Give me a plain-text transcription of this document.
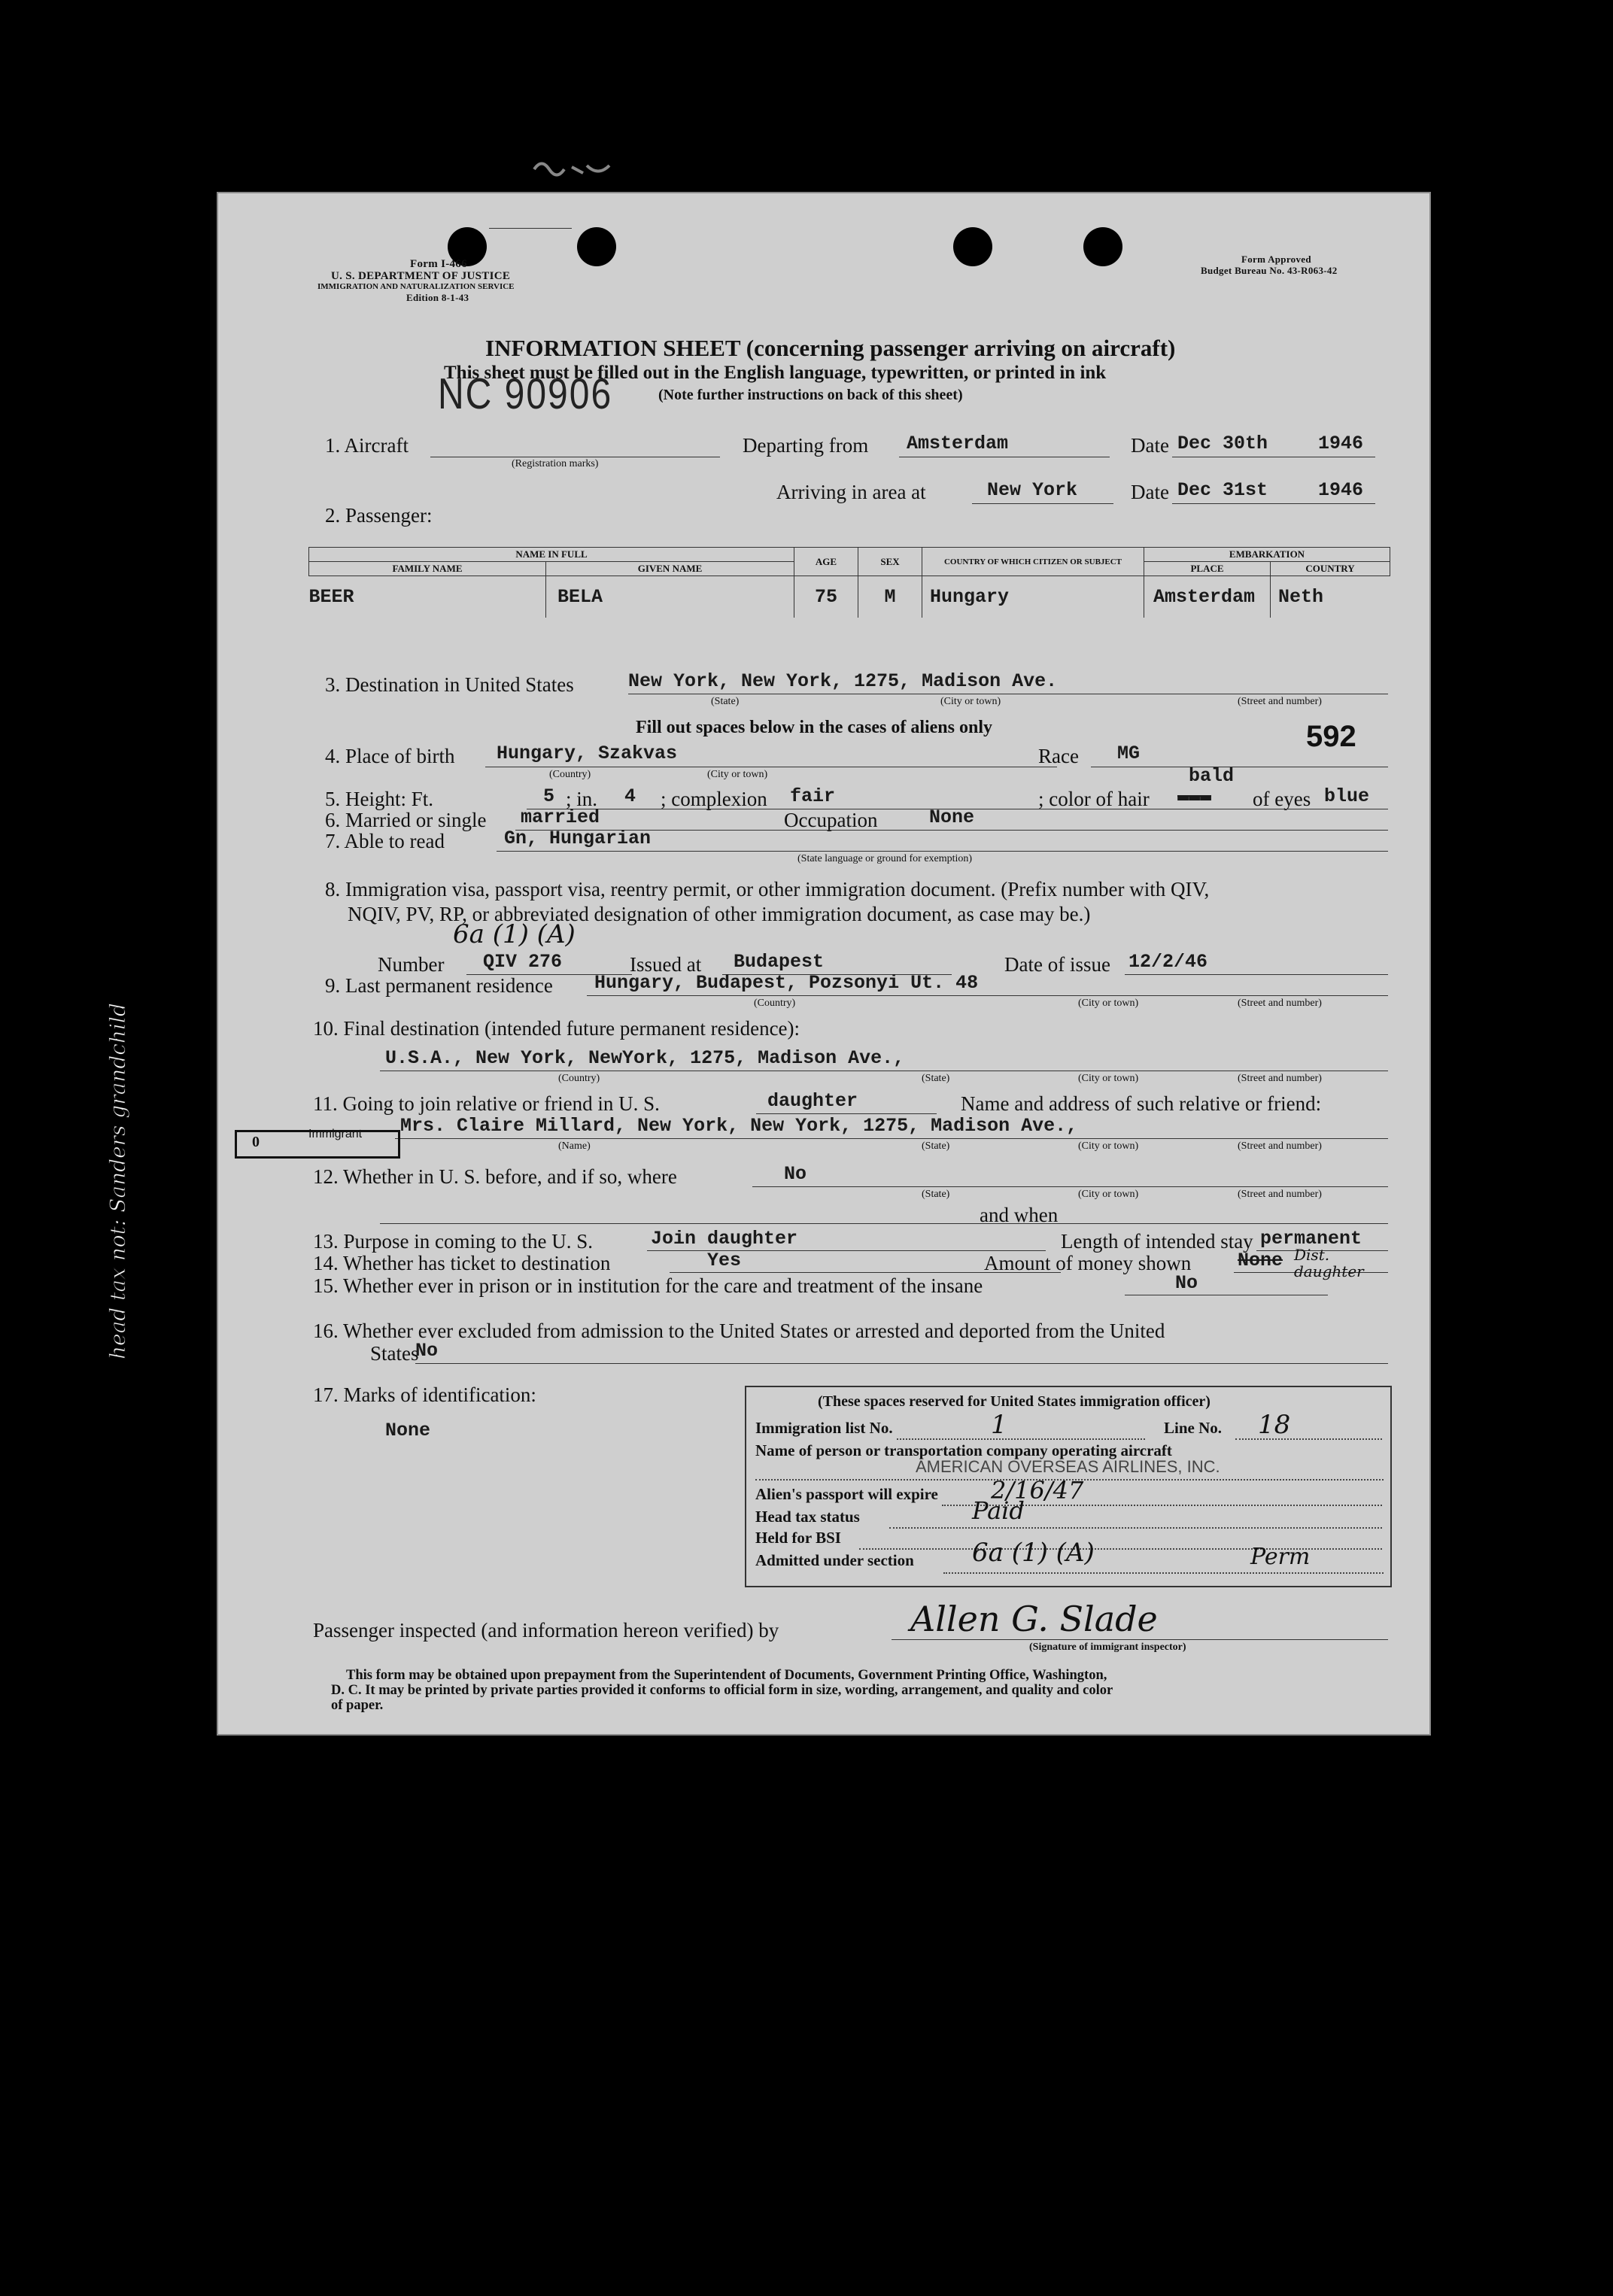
Form I-466
U. S. DEPARTMENT OF JUSTICE
IMMIGRATION AND NATURALIZATION SERVICE
Edition 8-1-43
Form Approved
Budget Bureau No. 43-R063-42
INFORMATION SHEET (concerning passenger arriving on aircraft)
This sheet must be filled out in the English language, typewritten, or printed in ink
(Note further instructions on back of this sheet)
NC 90906
1. Aircraft
(Registration marks)
Departing from Amsterdam	Date Dec 30th	1946
Arriving in area at	New York	Date Dec 31st	1946
2. Passenger:
NAME IN FULL		AGE	SEX	COUNTRY OF WHICH CITIZEN OR SUBJECT	EMBARKATION	
FAMILY NAME	GIVEN NAME				PLACE	COUNTRY
BEER	BELA	75	M	Hungary	Amsterdam	Neth
3. Destination in United States	New York, New York, 1275, Madison Ave.
(State)	(City or town)	(Street and number)
Fill out spaces below in the cases of aliens only	592
4. Place of birth Hungary, Szakvas
(Country)	(City or town)
Race MG
bald
5. Height: Ft.	5 ; in. 4 ; complexion fair	; color of hair ▬▬▬ of eyes blue
6. Married or single married	Occupation	None
7. Able to read	Gn, Hungarian
(State language or ground for exemption)
8. Immigration visa, passport visa, reentry permit, or other immigration document. (Prefix number with QIV,
NQIV, PV, RP, or abbreviated designation of other immigration document, as case may be.)
6a (1) (A)
Number QIV 276	Issued at Budapest	Date of issue 12/2/46
9. Last permanent residence Hungary, Budapest, Pozsonyi Ut. 48
(Country)	(City or town)	(Street and number)
10. Final destination (intended future permanent residence):
U.S.A., New York, NewYork, 1275, Madison Ave.,
(Country)	(State)	(City or town)	(Street and number)
11. Going to join relative or friend in U. S.	daughter	Name and address of such relative or friend:
Mrs. Claire Millard, New York, New York, 1275, Madison Ave.,
(Name)	(State)	(City or town)	(Street and number)
12. Whether in U. S. before, and if so, where	No
(State)	(City or town)	(Street and number)
and when
13. Purpose in coming to the U. S.	Join daughter	Length of intended stay permanent
14. Whether has ticket to destination	Yes	Amount of money shown None Dist. daughter
15. Whether ever in prison or in institution for the care and treatment of the insane	No
16. Whether ever excluded from admission to the United States or arrested and deported from the United
States
No
17. Marks of identification:
None
(These spaces reserved for United States immigration officer)
Immigration list No.	1	Line No. 18
Name of person or transportation company operating aircraft
AMERICAN OVERSEAS AIRLINES, INC.
Alien's passport will expire 2/16/47
Head tax status	Paid
Held for BSI
Admitted under section 6a (1) (A)	Perm
Passenger inspected (and information hereon verified) by	Allen G. Slade
(Signature of immigrant inspector)
This form may be obtained upon prepayment from the Superintendent of Documents, Government Printing Office, Washington,
D. C. It may be printed by private parties provided it conforms to official form in size, wording, arrangement, and quality and color
of paper.
0	Immigrant
head tax not: Sanders grandchild
